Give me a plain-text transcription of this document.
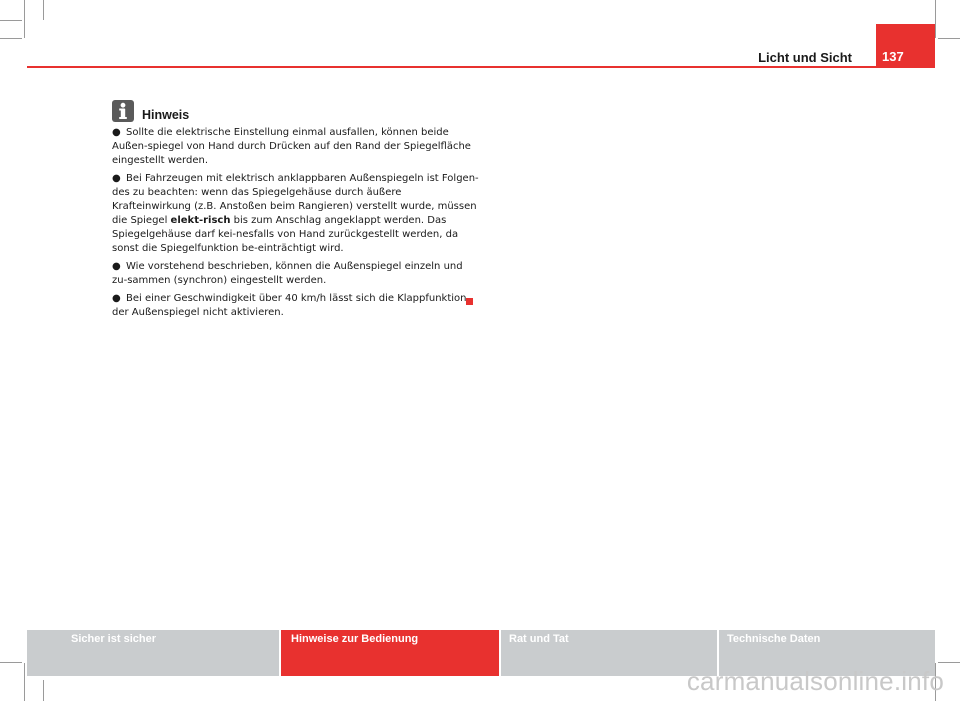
Licht und Sicht 137
Hinweis

● Sollte die elektrische Einstellung einmal ausfallen, können beide Außen-spiegel von Hand durch Drücken auf den Rand der Spiegelfläche eingestellt werden.

● Bei Fahrzeugen mit elektrisch anklappbaren Außenspiegeln ist Folgen-des zu beachten: wenn das Spiegelgehäuse durch äußere Krafteinwirkung (z.B. Anstoßen beim Rangieren) verstellt wurde, müssen die Spiegel elekt-risch bis zum Anschlag angeklappt werden. Das Spiegelgehäuse darf kei-nesfalls von Hand zurückgestellt werden, da sonst die Spiegelfunktion be-einträchtigt wird.

● Wie vorstehend beschrieben, können die Außenspiegel einzeln und zu-sammen (synchron) eingestellt werden.

● Bei einer Geschwindigkeit über 40 km/h lässt sich die Klappfunktion der Außenspiegel nicht aktivieren.

Sicher ist sicher	Hinweise zur Bedienung	Rat und Tat	Technische Daten
carmanualsonline.info
